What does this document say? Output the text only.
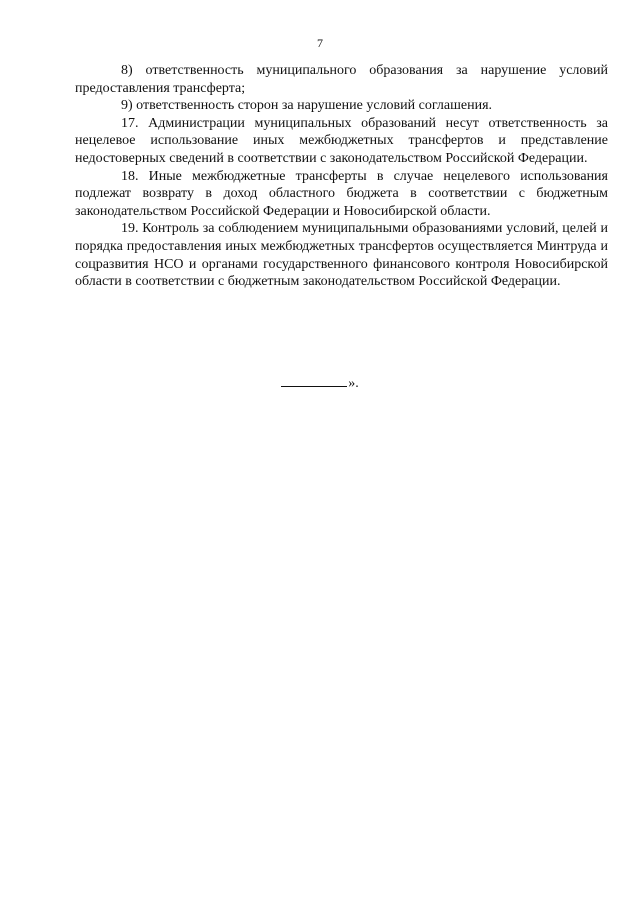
7

8) ответственность муниципального образования за нарушение условий предоставления трансферта;

9) ответственность сторон за нарушение условий соглашения.

17. Администрации муниципальных образований несут ответственность за нецелевое использование иных межбюджетных трансфертов и представление недостоверных сведений в соответствии с законодательством Российской Федерации.

18. Иные межбюджетные трансферты в случае нецелевого использования подлежат возврату в доход областного бюджета в соответствии с бюджетным законодательством Российской Федерации и Новосибирской области.

19. Контроль за соблюдением муниципальными образованиями условий, целей и порядка предоставления иных межбюджетных трансфертов осуществляется Минтруда и соцразвития НСО и органами государственного финансового контроля Новосибирской области в соответствии с бюджетным законодательством Российской Федерации.

».
